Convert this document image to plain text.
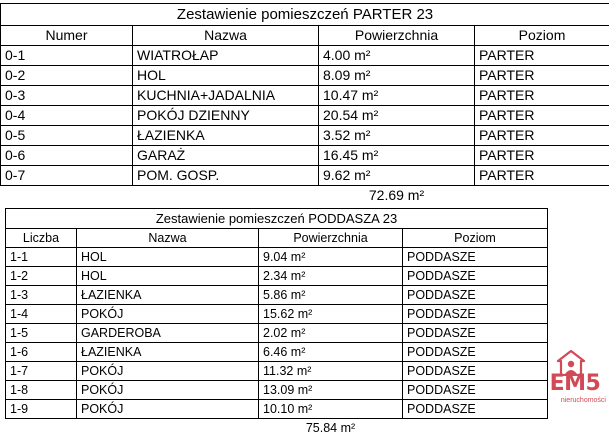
Zestawienie pomieszczeń PARTER 23			
Numer	Nazwa	Powierzchnia	Poziom
0-1	WIATROŁAP	4.00 m²	PARTER
0-2	HOL	8.09 m²	PARTER
0-3	KUCHNIA+JADALNIA	10.47 m²	PARTER
0-4	POKÓJ DZIENNY	20.54 m²	PARTER
0-5	ŁAZIENKA	3.52 m²	PARTER
0-6	GARAŻ	16.45 m²	PARTER
0-7	POM. GOSP.	9.62 m²	PARTER
		72.69 m²	
Zestawienie pomieszczeń PODDASZA 23			
Liczba	Nazwa	Powierzchnia	Poziom
1-1	HOL	9.04 m²	PODDASZE
1-2	HOL	2.34 m²	PODDASZE
1-3	ŁAZIENKA	5.86 m²	PODDASZE
1-4	POKÓJ	15.62 m²	PODDASZE
1-5	GARDEROBA	2.02 m²	PODDASZE
1-6	ŁAZIENKA	6.46 m²	PODDASZE
1-7	POKÓJ	11.32 m²	PODDASZE
1-8	POKÓJ	13.09 m²	PODDASZE
1-9	POKÓJ	10.10 m²	PODDASZE
		75.84 m²	
EM5
nieruchomości
